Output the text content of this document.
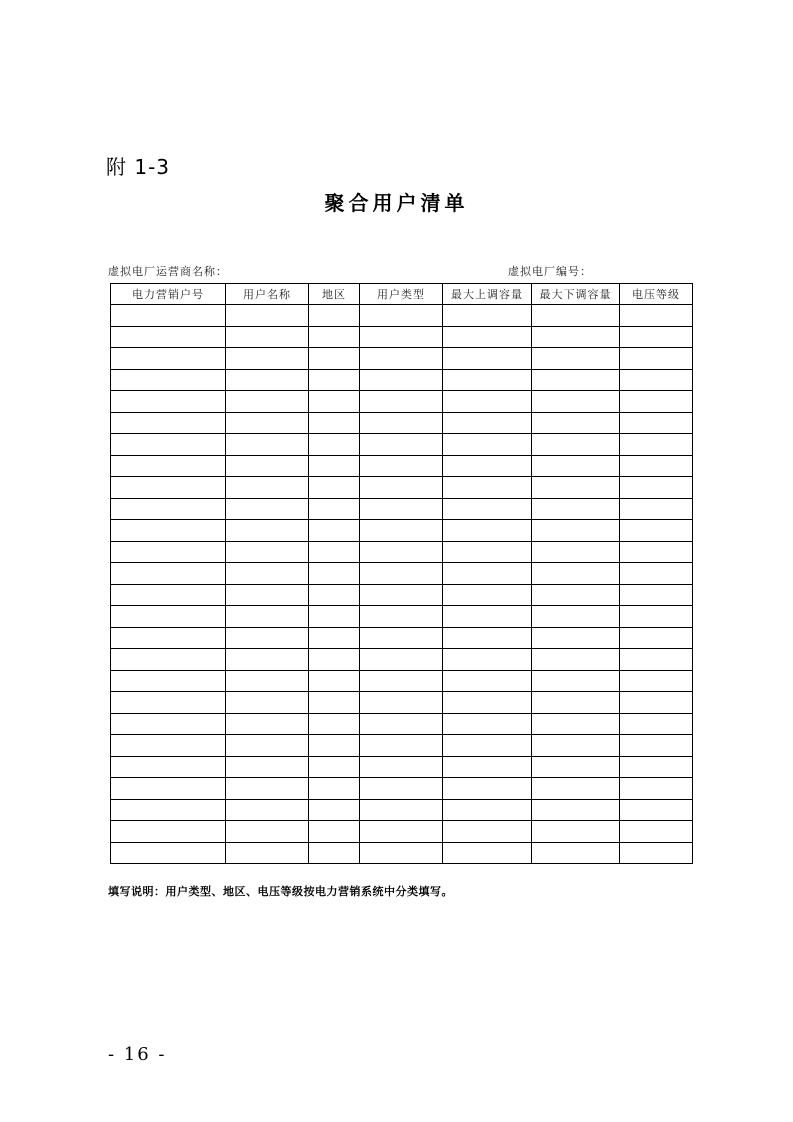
附 1-3
聚合用户清单
虚拟电厂运营商名称：	虚拟电厂编号：
电力营销户号	用户名称	地区	用户类型	最大上调容量	最大下调容量	电压等级

填写说明：用户类型、地区、电压等级按电力营销系统中分类填写。
- 16 -
